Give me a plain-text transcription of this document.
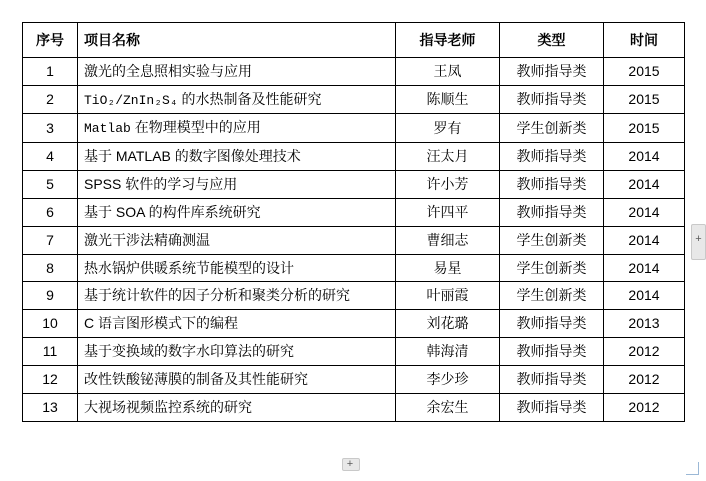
序号	项目名称	指导老师	类型	时间
1	激光的全息照相实验与应用	王凤	教师指导类	2015
2	TiO₂/ZnIn₂S₄ 的水热制备及性能研究	陈顺生	教师指导类	2015
3	Matlab 在物理模型中的应用	罗有	学生创新类	2015
4	基于 MATLAB 的数字图像处理技术	汪太月	教师指导类	2014
5	SPSS 软件的学习与应用	许小芳	教师指导类	2014
6	基于 SOA 的构件库系统研究	许四平	教师指导类	2014
7	激光干涉法精确测温	曹细志	学生创新类	2014
8	热水锅炉供暖系统节能模型的设计	易星	学生创新类	2014
9	基于统计软件的因子分析和聚类分析的研究	叶丽霞	学生创新类	2014
10	C 语言图形模式下的编程	刘花璐	教师指导类	2013
11	基于变换域的数字水印算法的研究	韩海清	教师指导类	2012
12	改性铁酸铋薄膜的制备及其性能研究	李少珍	教师指导类	2012
13	大视场视频监控系统的研究	余宏生	教师指导类	2012
+
+
